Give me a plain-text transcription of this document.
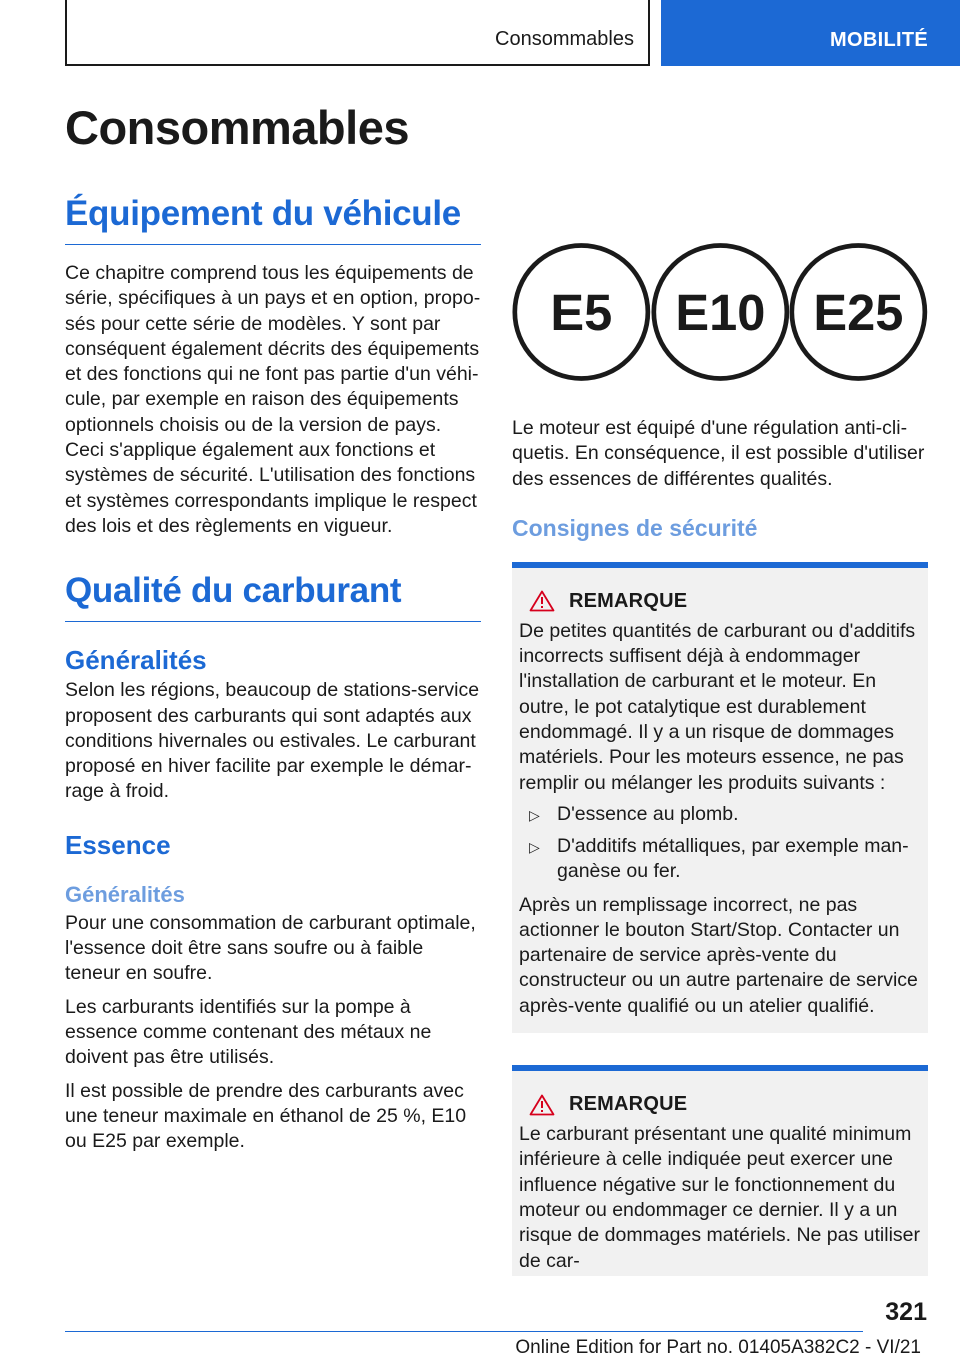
Consommables	MOBILITÉ
Consommables
Équipement du véhicule

Ce chapitre comprend tous les équipements de série, spécifiques à un pays et en option, proposés pour cette série de modèles. Y sont par conséquent également décrits des équipements et des fonctions qui ne font pas partie d'un véhicule, par exemple en raison des équipements optionnels choisis ou de la version de pays. Ceci s'applique également aux fonctions et systèmes de sécurité. L'utilisation des fonctions et systèmes correspondants implique le respect des lois et des règlements en vigueur.

Qualité du carburant
Généralités

Selon les régions, beaucoup de stations-service proposent des carburants qui sont adaptés aux conditions hivernales ou estivales. Le carburant proposé en hiver facilite par exemple le démarrage à froid.

Essence
Généralités

Pour une consommation de carburant optimale, l'essence doit être sans soufre ou à faible teneur en soufre.

Les carburants identifiés sur la pompe à essence comme contenant des métaux ne doivent pas être utilisés.

Il est possible de prendre des carburants avec une teneur maximale en éthanol de 25 %, E10 ou E25 par exemple.

E5 E10 E25

Le moteur est équipé d'une régulation anti-cliquetis. En conséquence, il est possible d'utiliser des essences de différentes qualités.

Consignes de sécurité
REMARQUE

De petites quantités de carburant ou d'additifs incorrects suffisent déjà à endommager l'installation de carburant et le moteur. En outre, le pot catalytique est durablement endommagé. Il y a un risque de dommages matériels. Pour les moteurs essence, ne pas remplir ou mélanger les produits suivants :

▷ D'essence au plomb.
▷ D'additifs métalliques, par exemple manganèse ou fer.

Après un remplissage incorrect, ne pas actionner le bouton Start/Stop. Contacter un partenaire de service après-vente du constructeur ou un autre partenaire de service après-vente qualifié ou un atelier qualifié.

REMARQUE

Le carburant présentant une qualité minimum inférieure à celle indiquée peut exercer une influence négative sur le fonctionnement du moteur ou endommager ce dernier. Il y a un risque de dommages matériels. Ne pas utiliser de car-

321
Online Edition for Part no. 01405A382C2 - VI/21
